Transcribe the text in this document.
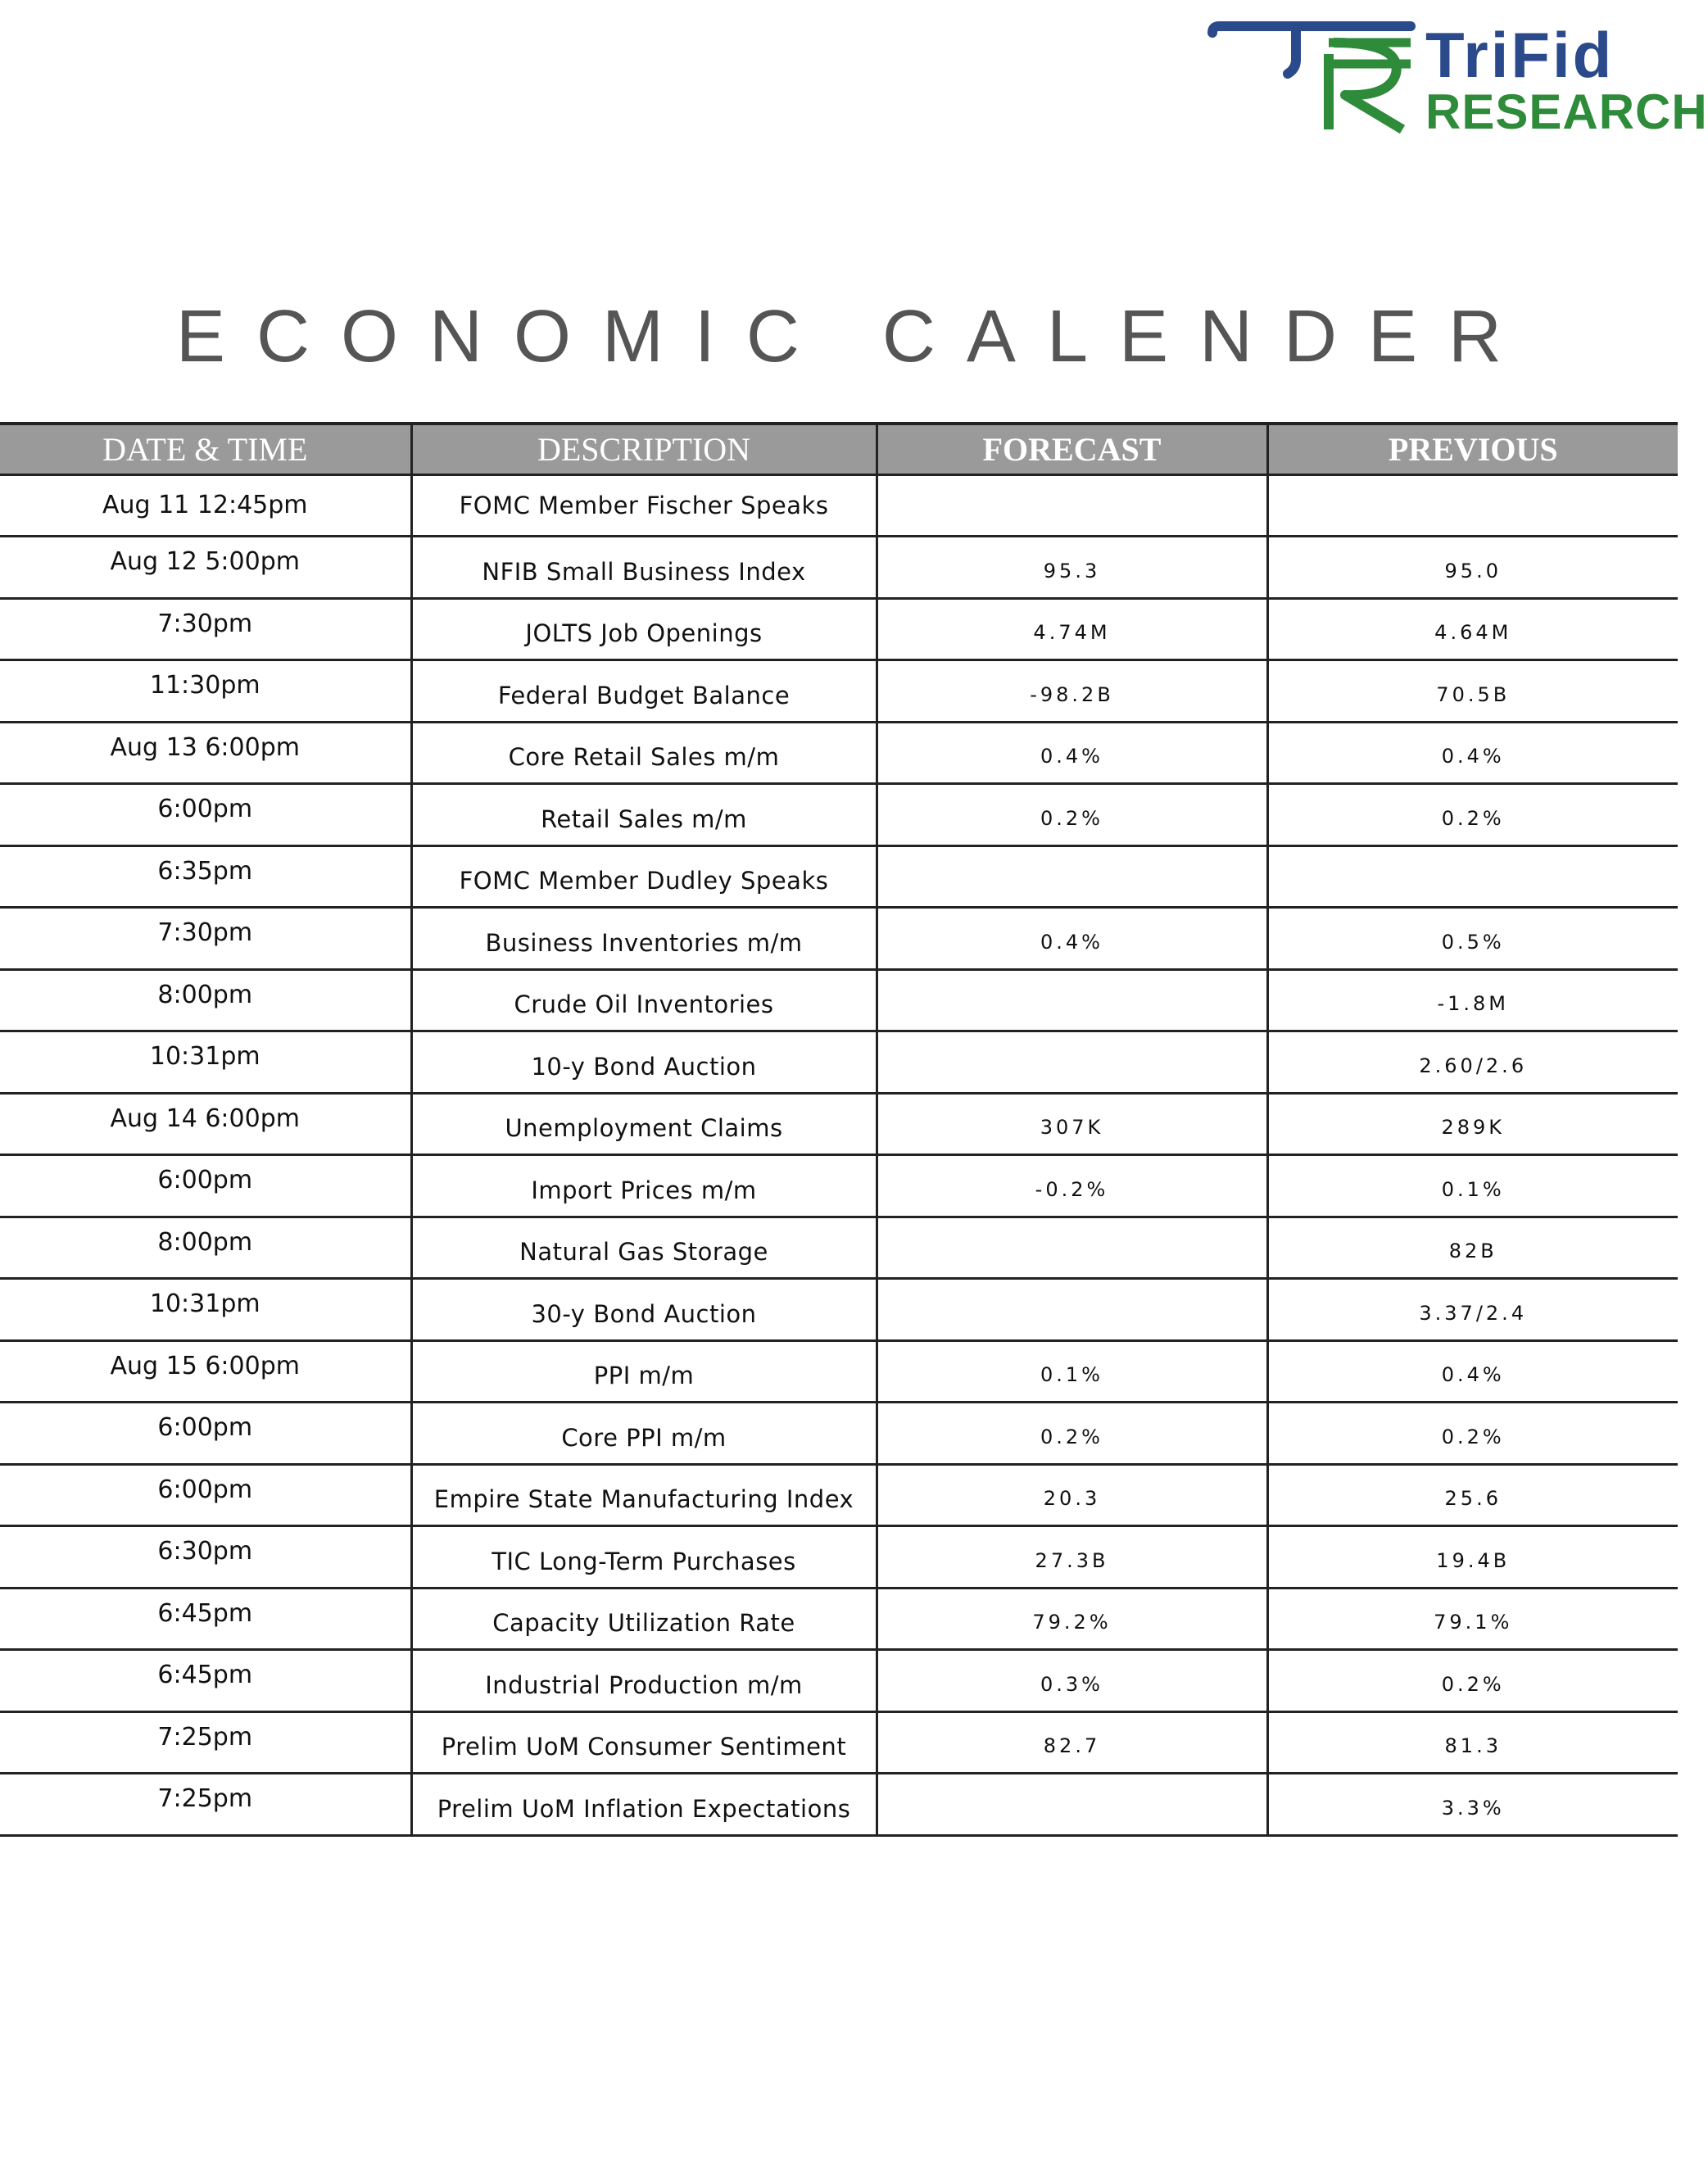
TriFid
RESEARCH
ECONOMIC CALENDER
DATE & TIME	DESCRIPTION	FORECAST	PREVIOUS
Aug 11 12:45pm	FOMC Member Fischer Speaks		
Aug 12 5:00pm	NFIB Small Business Index	95.3	95.0
7:30pm	JOLTS Job Openings	4.74M	4.64M
11:30pm	Federal Budget Balance	-98.2B	70.5B
Aug 13 6:00pm	Core Retail Sales m/m	0.4%	0.4%
6:00pm	Retail Sales m/m	0.2%	0.2%
6:35pm	FOMC Member Dudley Speaks		
7:30pm	Business Inventories m/m	0.4%	0.5%
8:00pm	Crude Oil Inventories		-1.8M
10:31pm	10-y Bond Auction		2.60/2.6
Aug 14 6:00pm	Unemployment Claims	307K	289K
6:00pm	Import Prices m/m	-0.2%	0.1%
8:00pm	Natural Gas Storage		82B
10:31pm	30-y Bond Auction		3.37/2.4
Aug 15 6:00pm	PPI m/m	0.1%	0.4%
6:00pm	Core PPI m/m	0.2%	0.2%
6:00pm	Empire State Manufacturing Index	20.3	25.6
6:30pm	TIC Long-Term Purchases	27.3B	19.4B
6:45pm	Capacity Utilization Rate	79.2%	79.1%
6:45pm	Industrial Production m/m	0.3%	0.2%
7:25pm	Prelim UoM Consumer Sentiment	82.7	81.3
7:25pm	Prelim UoM Inflation Expectations		3.3%
